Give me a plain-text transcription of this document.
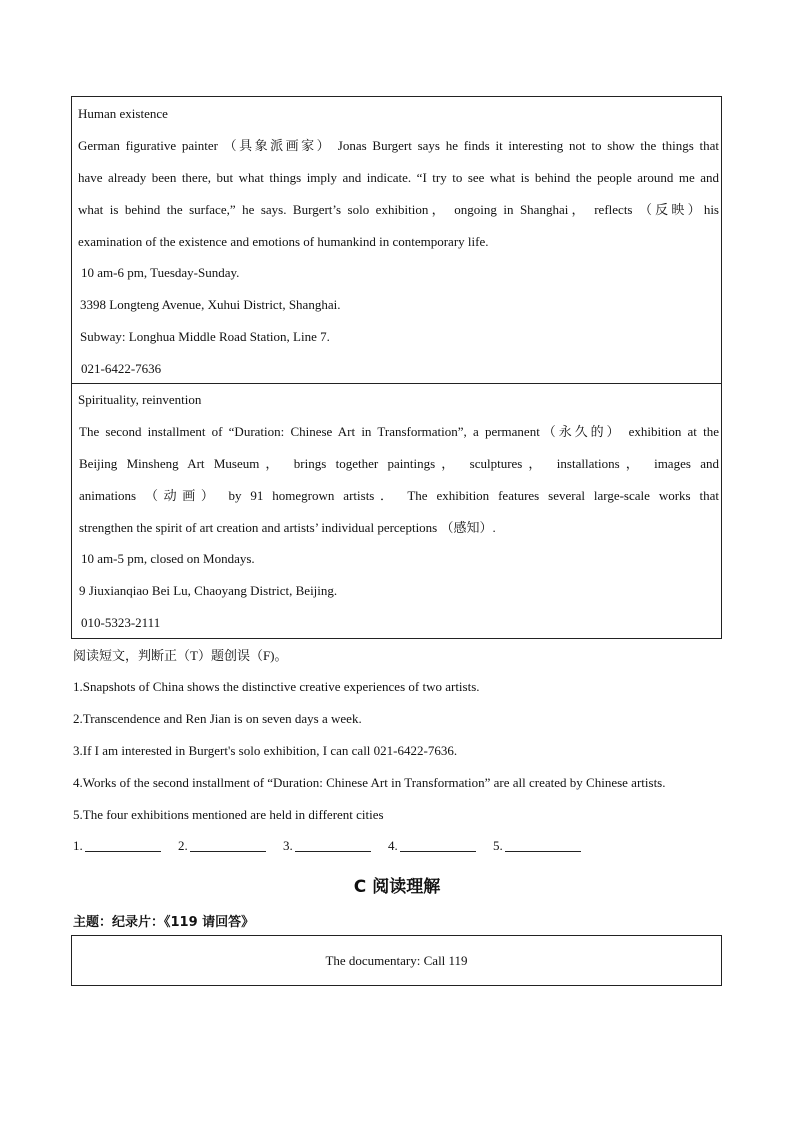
Human existence
German figurative painter （具象派画家） Jonas Burgert says he finds it interesting not to show the things that
have already been there, but what things imply and indicate. “I try to see what is behind the people around me and
what is behind the surface,” he says. Burgert’s solo exhibition， ongoing in Shanghai， reflects （反映）his
examination of the existence and emotions of humankind in contemporary life.
10 am-6 pm, Tuesday-Sunday.
3398 Longteng Avenue, Xuhui District, Shanghai.
Subway: Longhua Middle Road Station, Line 7.
021-6422-7636
Spirituality, reinvention
The second installment of “Duration: Chinese Art in Transformation”, a permanent（永久的） exhibition at the
Beijing Minsheng Art Museum， brings together paintings， sculptures， installations， images and
animations （动画） by 91 homegrown artists． The exhibition features several large-scale works that
strengthen the spirit of art creation and artists’ individual perceptions （感知）.
10 am-5 pm, closed on Mondays.
9 Jiuxianqiao Bei Lu, Chaoyang District, Beijing.
010-5323-2111
阅读短文，判断正（T）题创误（F)。
1.Snapshots of China shows the distinctive creative experiences of two artists.
2.Transcendence and Ren Jian is on seven days a week.
3.If I am interested in Burgert's solo exhibition, I can call 021-6422-7636.
4.Works of the second installment of “Duration: Chinese Art in Transformation” are all created by Chinese artists.
5.The four exhibitions mentioned are held in different cities
1.	2.	3.	4.	5.
C 阅读理解
主题：纪录片：《119 请回答》
The documentary: Call 119
